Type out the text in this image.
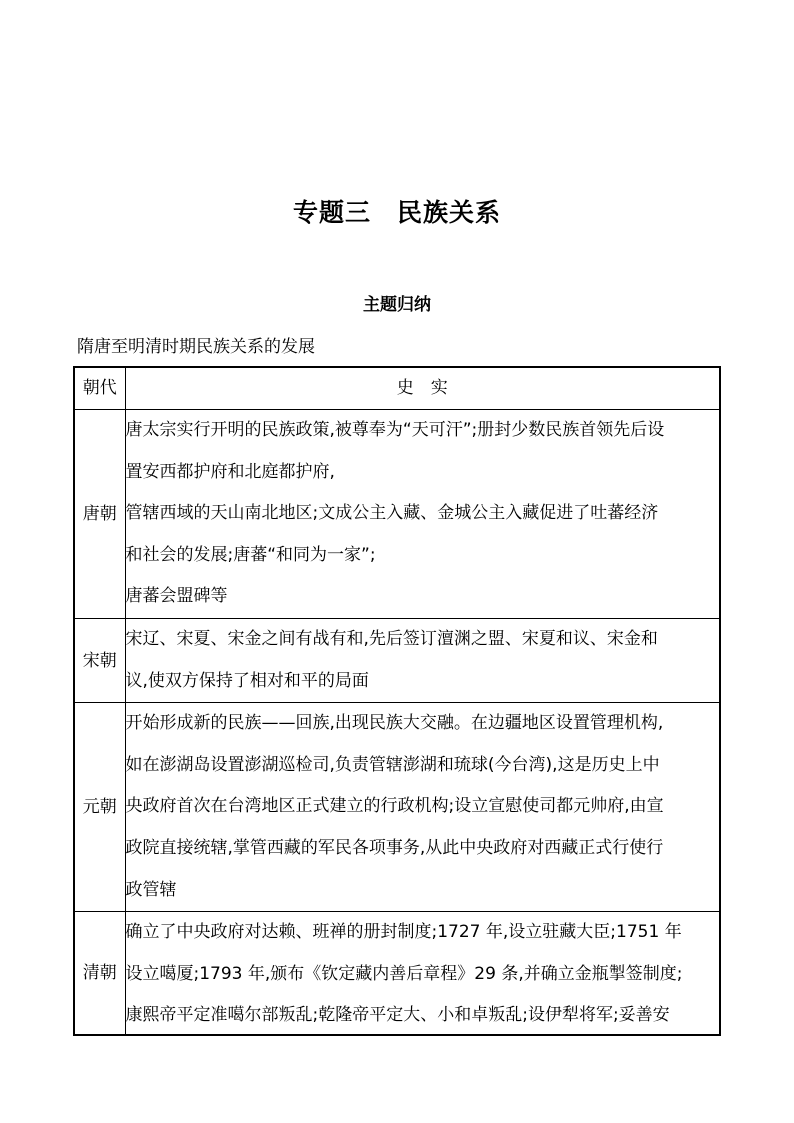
专题三 民族关系
主题归纳
隋唐至明清时期民族关系的发展
朝代	史　实
唐朝	唐太宗实行开明的民族政策,被尊奉为“天可汗”;册封少数民族首领先后设
置安西都护府和北庭都护府,
管辖西域的天山南北地区;文成公主入藏、金城公主入藏促进了吐蕃经济
和社会的发展;唐蕃“和同为一家”;
唐蕃会盟碑等

宋朝	宋辽、宋夏、宋金之间有战有和,先后签订澶渊之盟、宋夏和议、宋金和
议,使双方保持了相对和平的局面

元朝	开始形成新的民族——回族,出现民族大交融。在边疆地区设置管理机构,
如在澎湖岛设置澎湖巡检司,负责管辖澎湖和琉球(今台湾),这是历史上中
央政府首次在台湾地区正式建立的行政机构;设立宣慰使司都元帅府,由宣
政院直接统辖,掌管西藏的军民各项事务,从此中央政府对西藏正式行使行
政管辖

清朝	确立了中央政府对达赖、班禅的册封制度;1727 年,设立驻藏大臣;1751 年
设立噶厦;1793 年,颁布《钦定藏内善后章程》29 条,并确立金瓶掣签制度;
康熙帝平定准噶尔部叛乱;乾隆帝平定大、小和卓叛乱;设伊犁将军;妥善安
